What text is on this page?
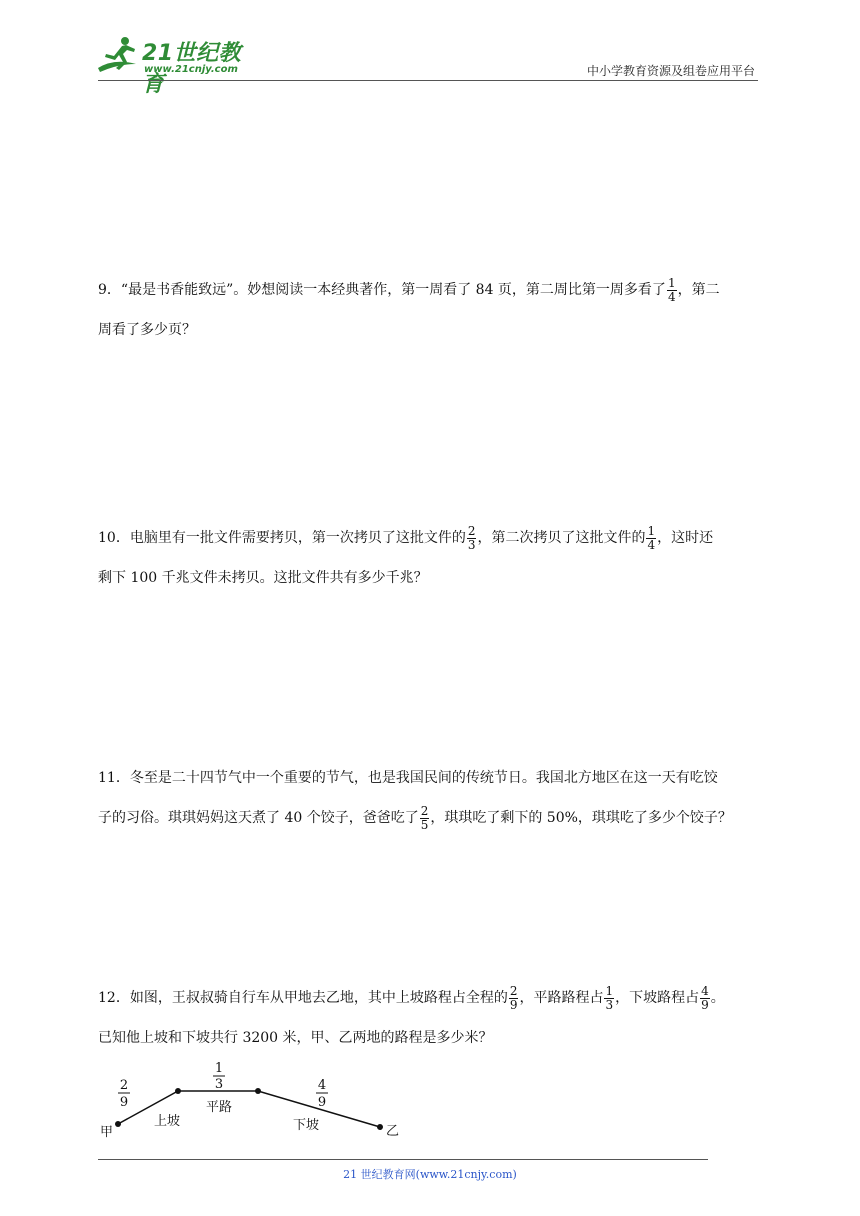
21世纪教育
www.21cnjy.com	中小学教育资源及组卷应用平台
9．“最是书香能致远”。妙想阅读一本经典著作，第一周看了 84 页，第二周比第一周多看了 $\frac{1}{4}$ ，第二
周看了多少页？
10．电脑里有一批文件需要拷贝，第一次拷贝了这批文件的 $\frac{2}{3}$ ，第二次拷贝了这批文件的 $\frac{1}{4}$ ，这时还
剩下 100 千兆文件未拷贝。这批文件共有多少千兆？
11．冬至是二十四节气中一个重要的节气，也是我国民间的传统节日。我国北方地区在这一天有吃饺
子的习俗。琪琪妈妈这天煮了 40 个饺子，爸爸吃了 $\frac{2}{5}$ ，琪琪吃了剩下的 50%，琪琪吃了多少个饺子？
12．如图，王叔叔骑自行车从甲地去乙地，其中上坡路程占全程的 $\frac{2}{9}$ ，平路路程占 $\frac{1}{3}$ ，下坡路程占 $\frac{4}{9}$ 。
已知他上坡和下坡共行 3200 米，甲、乙两地的路程是多少米？
甲	乙
上坡
平路
下坡
2
9
1
3	4
9
21 世纪教育网(www.21cnjy.com)
